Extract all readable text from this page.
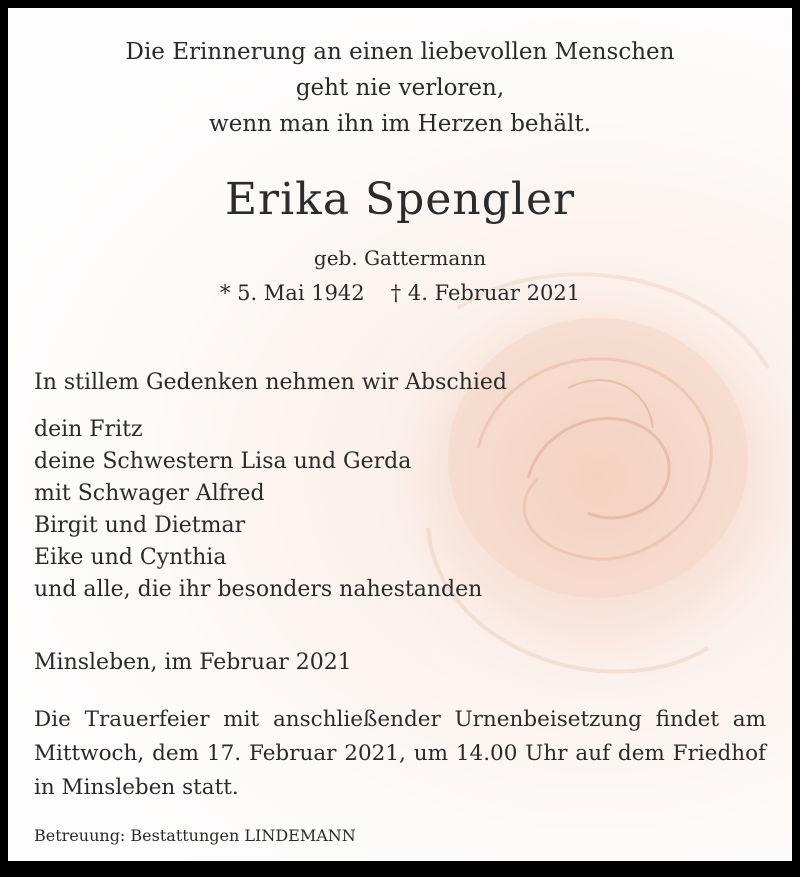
Die Erinnerung an einen liebevollen Menschen
geht nie verloren,
wenn man ihn im Herzen behält.
Erika Spengler
geb. Gattermann
* 5. Mai 1942 † 4. Februar 2021
In stillem Gedenken nehmen wir Abschied
dein Fritz
deine Schwestern Lisa und Gerda
mit Schwager Alfred
Birgit und Dietmar
Eike und Cynthia
und alle, die ihr besonders nahestanden
Minsleben, im Februar 2021
Die Trauerfeier mit anschließender Urnenbeisetzung findet am Mittwoch, dem 17. Februar 2021, um 14.00 Uhr auf dem Friedhof in Minsleben statt.
Betreuung: Bestattungen LINDEMANN
